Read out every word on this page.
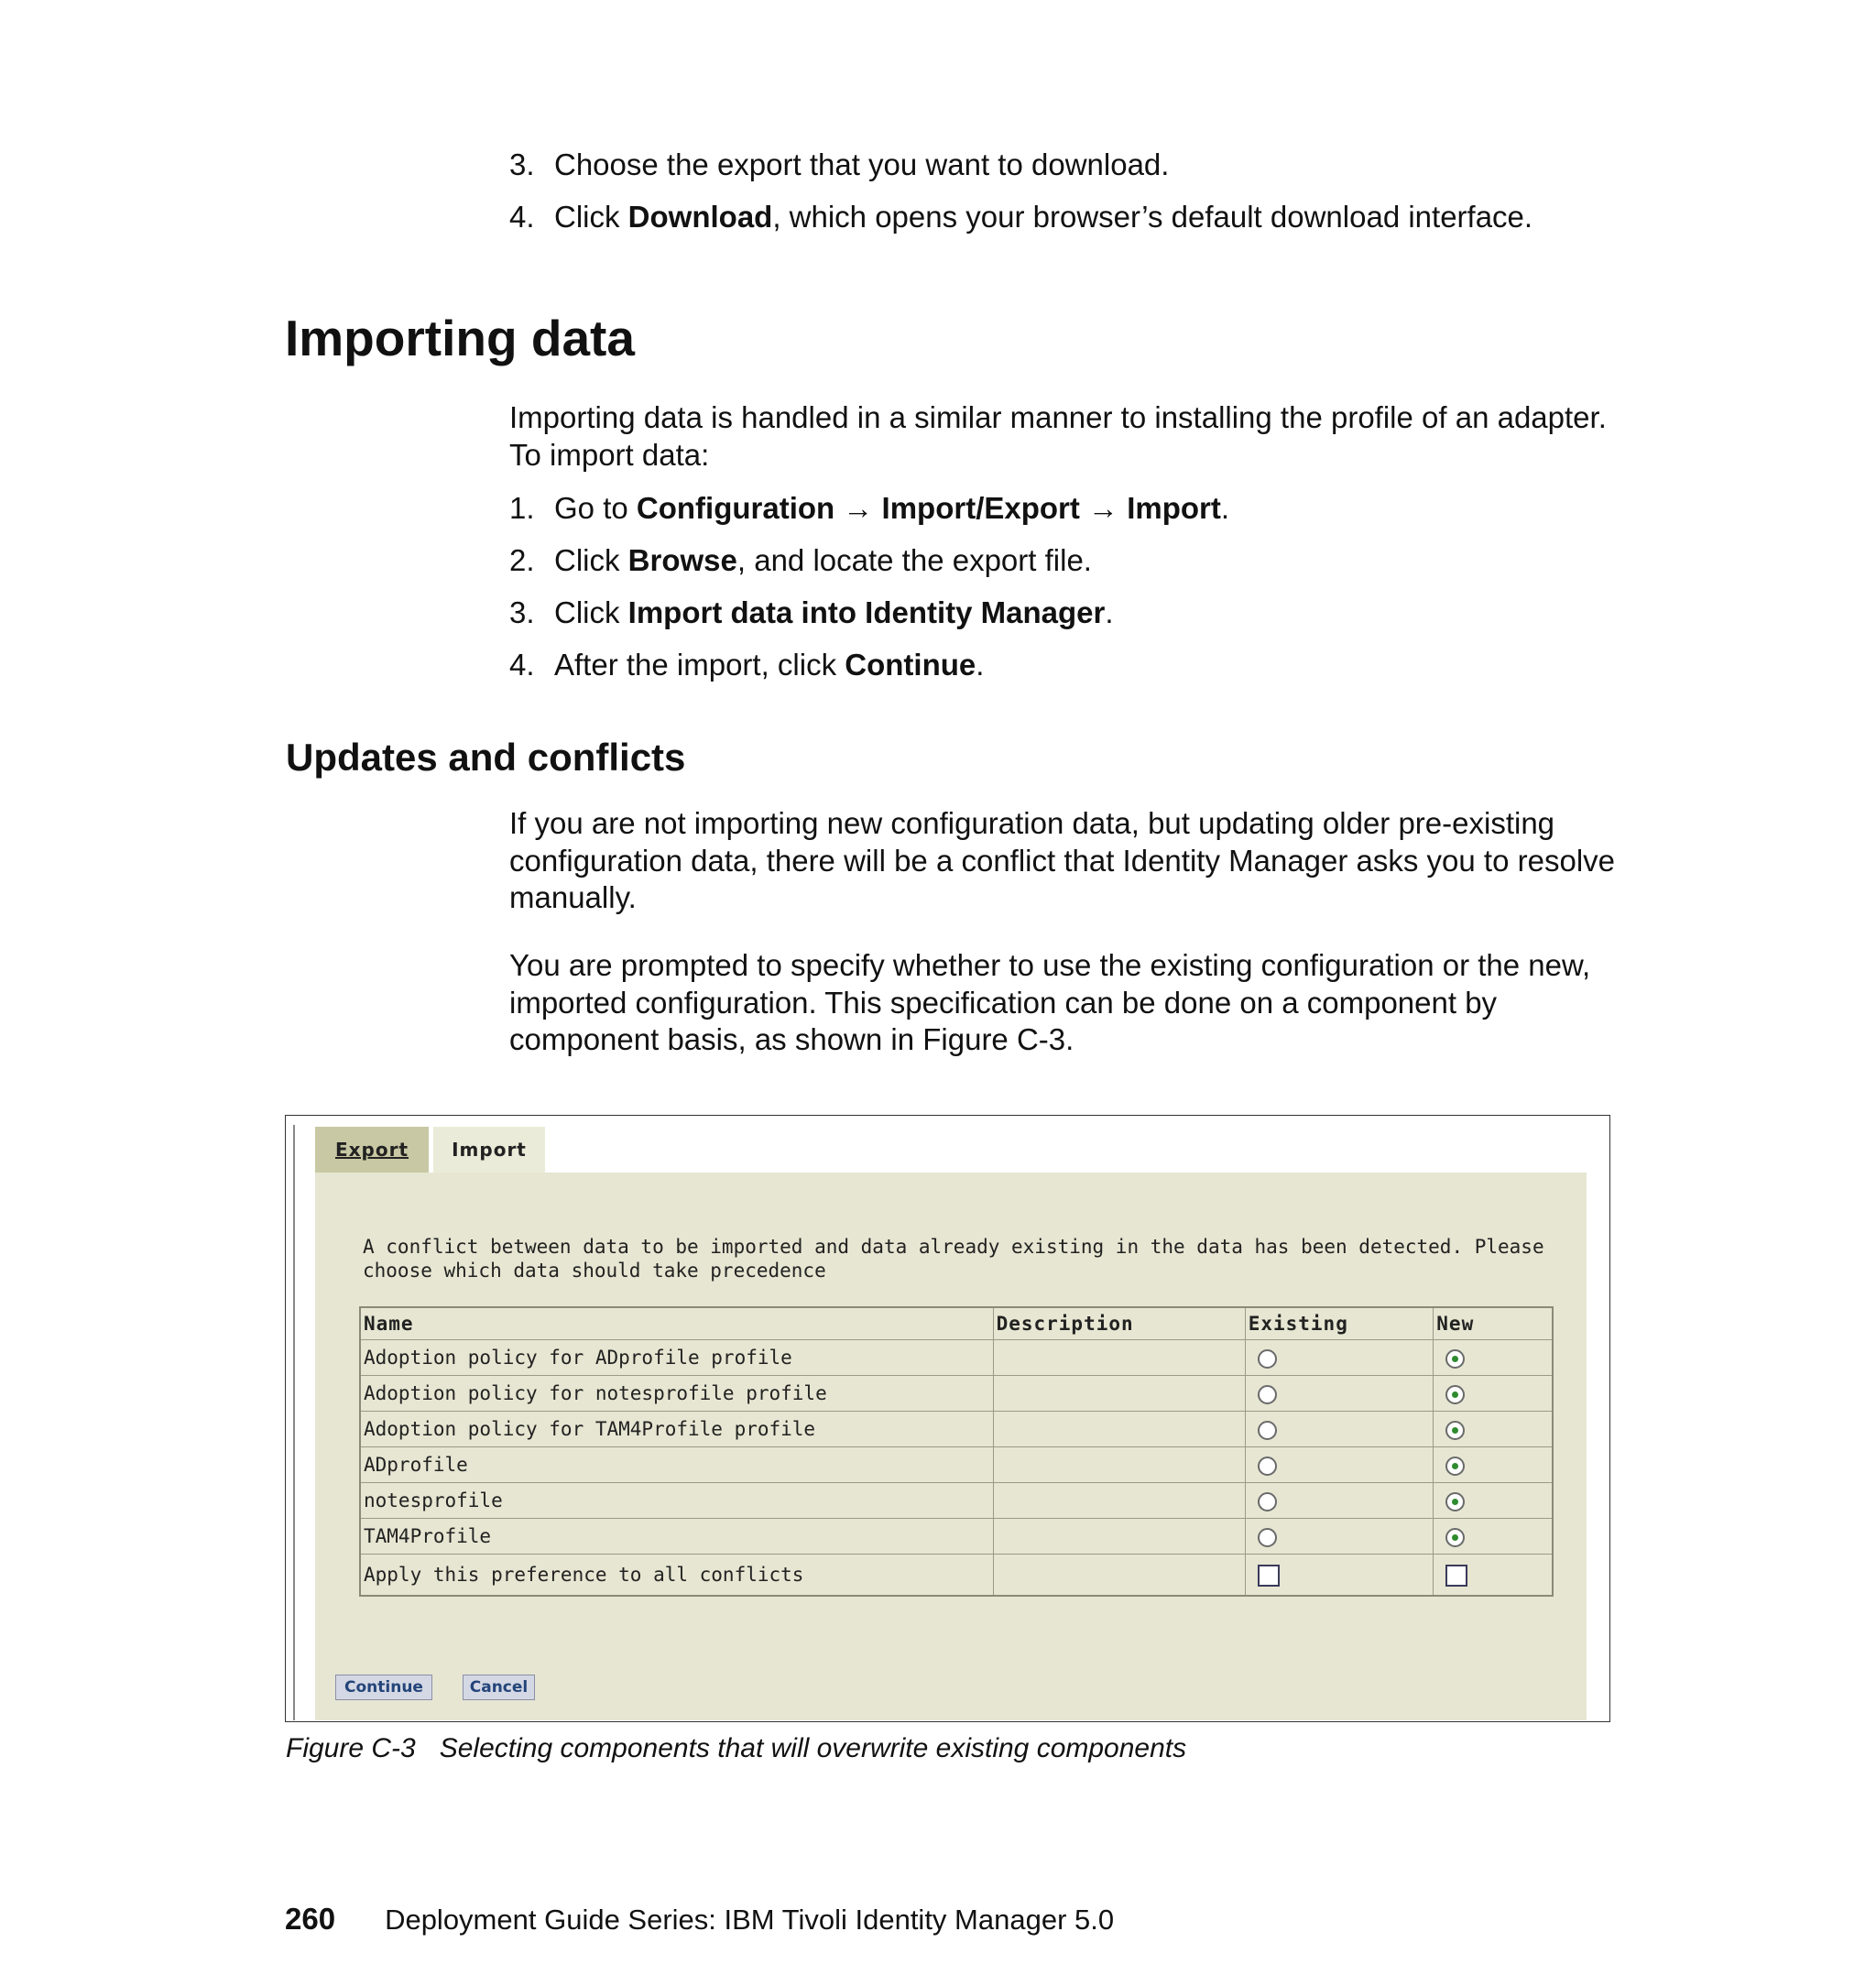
3. Choose the export that you want to download.
4. Click Download, which opens your browser’s default download interface.
Importing data
Importing data is handled in a similar manner to installing the profile of an adapter. To import data:
1. Go to Configuration → Import/Export → Import.
2. Click Browse, and locate the export file.
3. Click Import data into Identity Manager.
4. After the import, click Continue.
Updates and conflicts
If you are not importing new configuration data, but updating older pre-existing configuration data, there will be a conflict that Identity Manager asks you to resolve manually.
You are prompted to specify whether to use the existing configuration or the new, imported configuration. This specification can be done on a component by component basis, as shown in Figure C-3.
Export	Import
A conflict between data to be imported and data already existing in the data has been detected. Please choose which data should take precedence
Name	Description	Existing	New
Adoption policy for ADprofile profile			
Adoption policy for notesprofile profile			
Adoption policy for TAM4Profile profile			
ADprofile			
notesprofile			
TAM4Profile			
Apply this preference to all conflicts			
Continue	Cancel
Figure C-3 Selecting components that will overwrite existing components
260 Deployment Guide Series: IBM Tivoli Identity Manager 5.0
